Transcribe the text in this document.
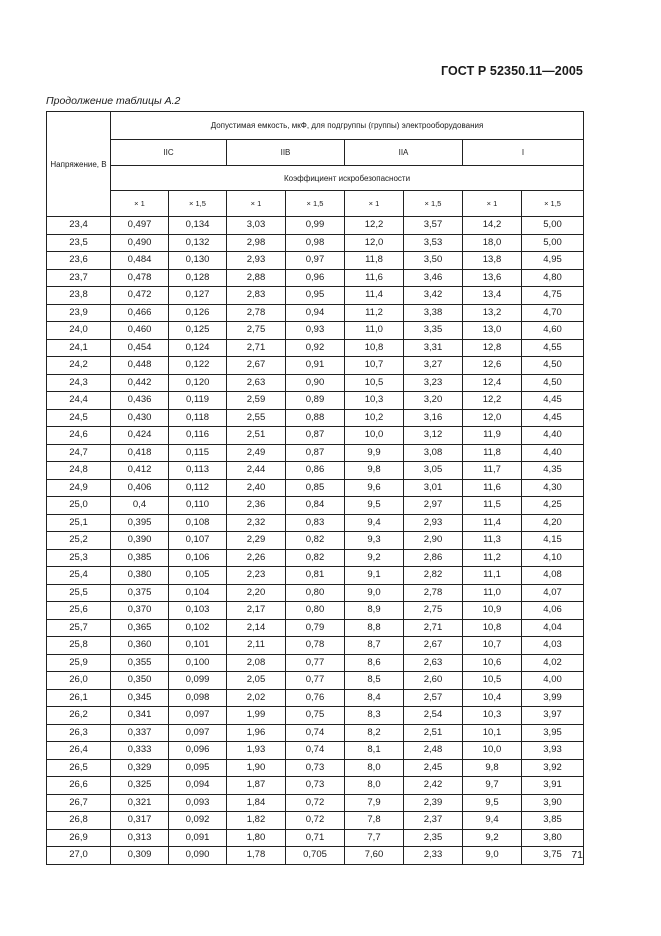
ГОСТ Р 52350.11—2005
Продолжение таблицы А.2
Напряжение, В	Допустимая емкость, мкФ, для подгруппы (группы) электрооборудования							
	IIC		IIB		IIA		I	
	Коэффициент искробезопасности							
	× 1	× 1,5	× 1	× 1,5	× 1	× 1,5	× 1	× 1,5
23,4	0,497	0,134	3,03	0,99	12,2	3,57	14,2	5,00
23,5	0,490	0,132	2,98	0,98	12,0	3,53	18,0	5,00
23,6	0,484	0,130	2,93	0,97	11,8	3,50	13,8	4,95
23,7	0,478	0,128	2,88	0,96	11,6	3,46	13,6	4,80
23,8	0,472	0,127	2,83	0,95	11,4	3,42	13,4	4,75
23,9	0,466	0,126	2,78	0,94	11,2	3,38	13,2	4,70
24,0	0,460	0,125	2,75	0,93	11,0	3,35	13,0	4,60
24,1	0,454	0,124	2,71	0,92	10,8	3,31	12,8	4,55
24,2	0,448	0,122	2,67	0,91	10,7	3,27	12,6	4,50
24,3	0,442	0,120	2,63	0,90	10,5	3,23	12,4	4,50
24,4	0,436	0,119	2,59	0,89	10,3	3,20	12,2	4,45
24,5	0,430	0,118	2,55	0,88	10,2	3,16	12,0	4,45
24,6	0,424	0,116	2,51	0,87	10,0	3,12	11,9	4,40
24,7	0,418	0,115	2,49	0,87	9,9	3,08	11,8	4,40
24,8	0,412	0,113	2,44	0,86	9,8	3,05	11,7	4,35
24,9	0,406	0,112	2,40	0,85	9,6	3,01	11,6	4,30
25,0	0,4	0,110	2,36	0,84	9,5	2,97	11,5	4,25
25,1	0,395	0,108	2,32	0,83	9,4	2,93	11,4	4,20
25,2	0,390	0,107	2,29	0,82	9,3	2,90	11,3	4,15
25,3	0,385	0,106	2,26	0,82	9,2	2,86	11,2	4,10
25,4	0,380	0,105	2,23	0,81	9,1	2,82	11,1	4,08
25,5	0,375	0,104	2,20	0,80	9,0	2,78	11,0	4,07
25,6	0,370	0,103	2,17	0,80	8,9	2,75	10,9	4,06
25,7	0,365	0,102	2,14	0,79	8,8	2,71	10,8	4,04
25,8	0,360	0,101	2,11	0,78	8,7	2,67	10,7	4,03
25,9	0,355	0,100	2,08	0,77	8,6	2,63	10,6	4,02
26,0	0,350	0,099	2,05	0,77	8,5	2,60	10,5	4,00
26,1	0,345	0,098	2,02	0,76	8,4	2,57	10,4	3,99
26,2	0,341	0,097	1,99	0,75	8,3	2,54	10,3	3,97
26,3	0,337	0,097	1,96	0,74	8,2	2,51	10,1	3,95
26,4	0,333	0,096	1,93	0,74	8,1	2,48	10,0	3,93
26,5	0,329	0,095	1,90	0,73	8,0	2,45	9,8	3,92
26,6	0,325	0,094	1,87	0,73	8,0	2,42	9,7	3,91
26,7	0,321	0,093	1,84	0,72	7,9	2,39	9,5	3,90
26,8	0,317	0,092	1,82	0,72	7,8	2,37	9,4	3,85
26,9	0,313	0,091	1,80	0,71	7,7	2,35	9,2	3,80
27,0	0,309	0,090	1,78	0,705	7,60	2,33	9,0	3,75 71
